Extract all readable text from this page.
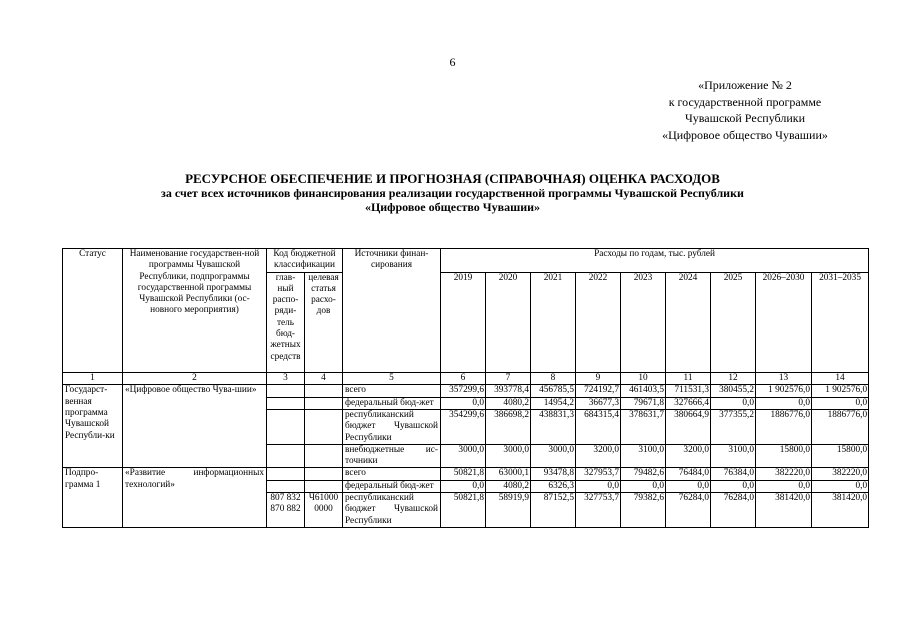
6
«Приложение № 2
к государственной программе
Чувашской Республики
«Цифровое общество Чувашии»
РЕСУРСНОЕ ОБЕСПЕЧЕНИЕ И ПРОГНОЗНАЯ (СПРАВОЧНАЯ) ОЦЕНКА РАСХОДОВ
за счет всех источников финансирования реализации государственной программы Чувашской Республики
«Цифровое общество Чувашии»
Статус	Наименование государствен-ной программы Чувашской Республики, подпрограммы государственной программы Чувашской Республики (ос-новного мероприятия)	Код бюджетной классификации		Источники финан-сирования	Расходы по годам, тыс. рублей								
		глав-ный распо-ряди-тель бюд-жетных средств	целевая статья расхо-дов		2019	2020	2021	2022	2023	2024	2025	2026–2030	2031–2035

1	2	3	4	5	6	7	8	9	10	11	12	13	14
Государст-венная программа Чувашской Республи-ки	«Цифровое общество Чува-шии»			всего	357299,6	393778,4	456785,5	724192,7	461403,5	711531,3	380455,2	1 902576,0	1 902576,0
				федеральный бюд-жет	0,0	4080,2	14954,2	36677,3	79671,8	327666,4	0,0	0,0	0,0
				республиканский бюджет Чувашской Республики	354299,6	386698,2	438831,3	684315,4	378631,7	380664,9	377355,2	1886776,0	1886776,0
				внебюджетные ис-точники	3000,0	3000,0	3000,0	3200,0	3100,0	3200,0	3100,0	15800,0	15800,0
Подпро-грамма 1	«Развитие информационных технологий»			всего	50821,8	63000,1	93478,8	327953,7	79482,6	76484,0	76384,0	382220,0	382220,0
				федеральный бюд-жет	0,0	4080,2	6326,3	0,0	0,0	0,0	0,0	0,0	0,0
		807 832 870 882	Ч61000 0000	республиканский бюджет Чувашской Республики	50821,8	58919,9	87152,5	327753,7	79382,6	76284,0	76284,0	381420,0	381420,0
